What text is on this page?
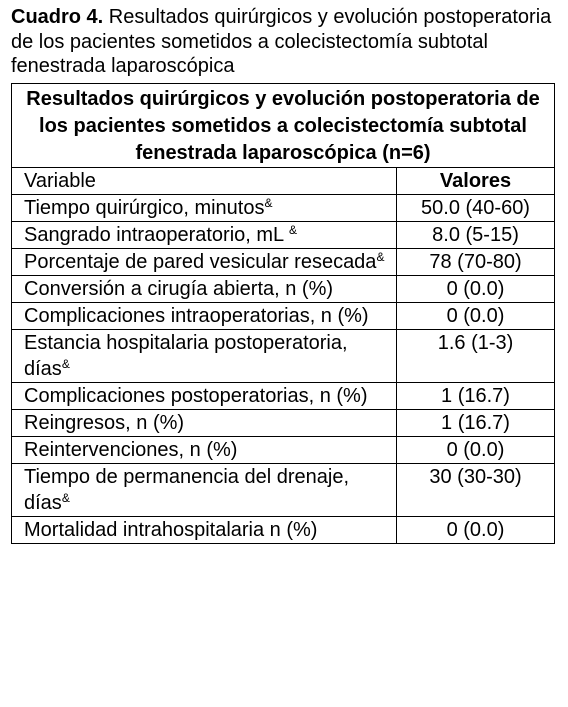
Cuadro 4. Resultados quirúrgicos y evolución postoperatoria de los pacientes sometidos a colecistectomía subtotal fenestrada laparoscópica
Resultados quirúrgicos y evolución postoperatoria de los pacientes sometidos a colecistectomía subtotal fenestrada laparoscópica (n=6)	
Variable	Valores
Tiempo quirúrgico, minutos&	50.0 (40-60)
Sangrado intraoperatorio, mL &	8.0 (5-15)
Porcentaje de pared vesicular resecada&	78 (70-80)
Conversión a cirugía abierta, n (%)	0 (0.0)
Complicaciones intraoperatorias, n (%)	0 (0.0)
Estancia hospitalaria postoperatoria, días&	1.6 (1-3)
Complicaciones postoperatorias, n (%)	1 (16.7)
Reingresos, n (%)	1 (16.7)
Reintervenciones, n (%)	0 (0.0)
Tiempo de permanencia del drenaje, días&	30 (30-30)
Mortalidad intrahospitalaria n (%)	0 (0.0)
